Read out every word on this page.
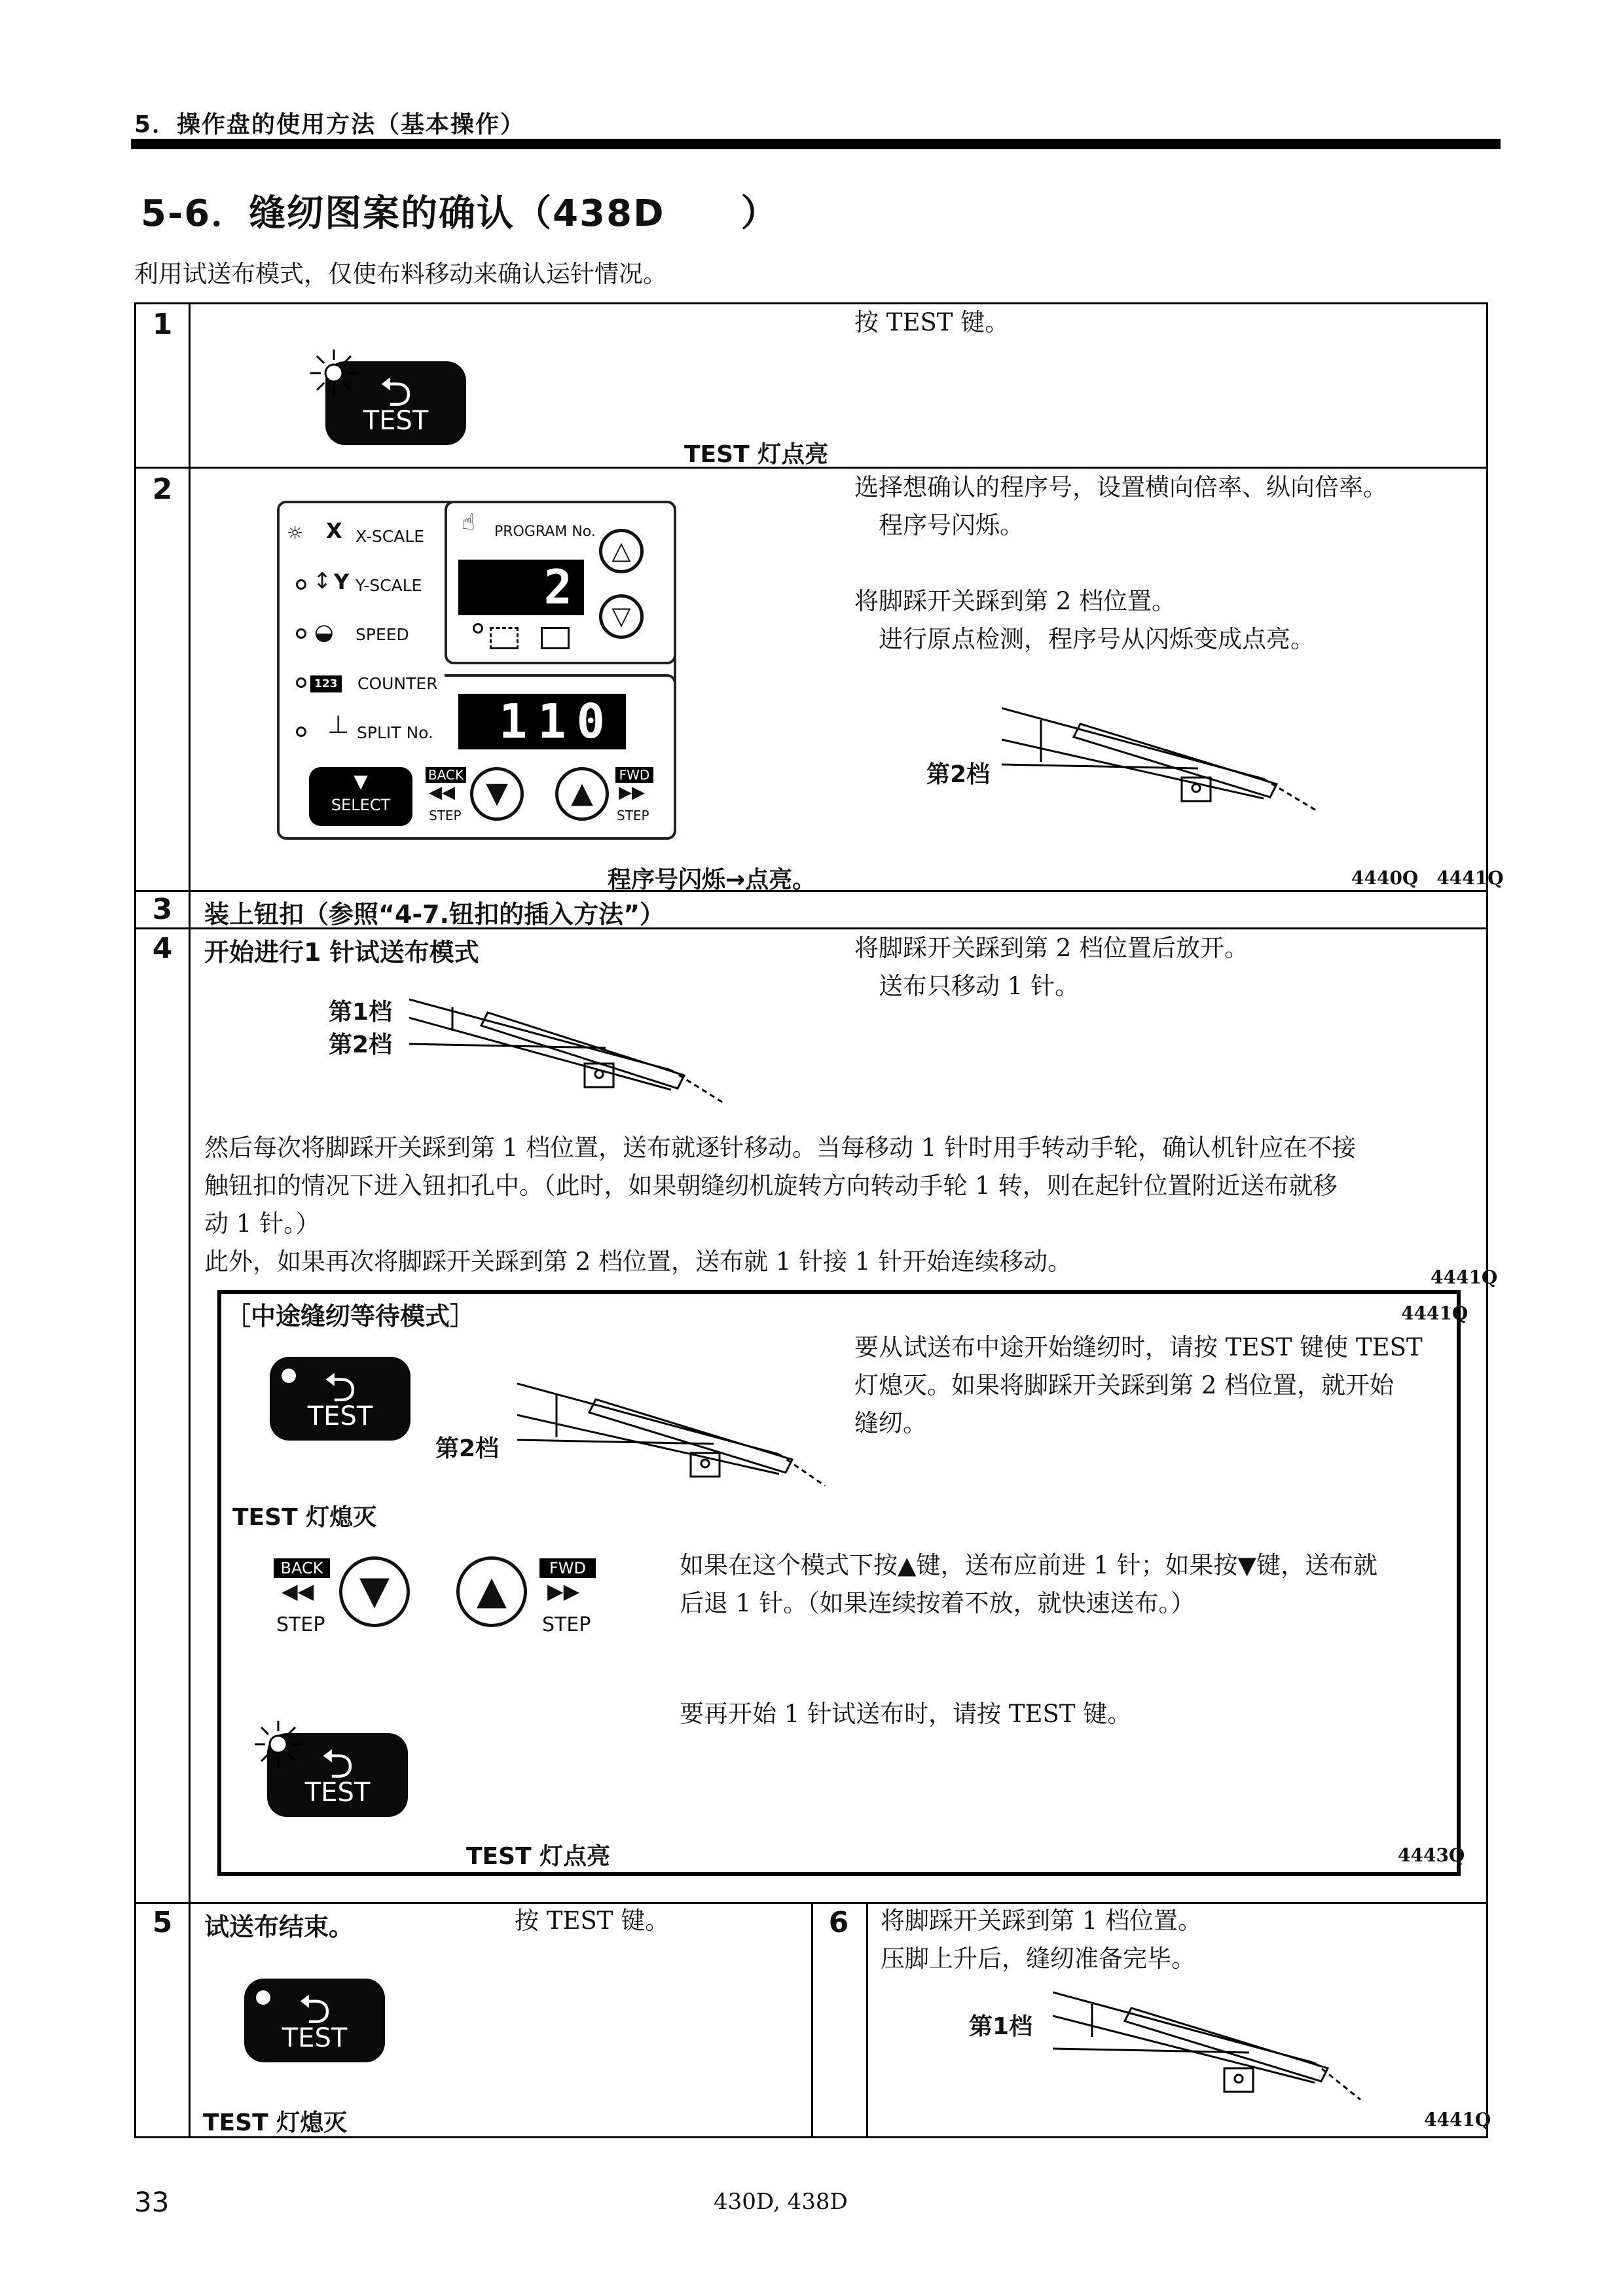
5．操作盘的使用方法（基本操作）
5-6．缝纫图案的确认（438D　　）
利用试送布模式，仅使布料移动来确认运针情况。
1
2
3
4
5	6
⮌
TEST
TEST 灯点亮
按 TEST 键。
☼ X X-SCALE
↕ Y Y-SCALE
◒ SPEED
123 COUNTER
⊥ SPLIT No.
☝ PROGRAM No.
2
△
▽
110
▼
SELECT
BACK
◀◀
STEP
▼	▲
FWD
▶▶
STEP
程序号闪烁→点亮。	4440Q　4441Q
选择想确认的程序号，设置横向倍率、纵向倍率。
　程序号闪烁。
将脚踩开关踩到第 2 档位置。
　进行原点检测，程序号从闪烁变成点亮。
第2档
装上钮扣（参照“4-7.钮扣的插入方法”）
开始进行1 针试送布模式	将脚踩开关踩到第 2 档位置后放开。
　送布只移动 1 针。
第1档
第2档
然后每次将脚踩开关踩到第 1 档位置，送布就逐针移动。当每移动 1 针时用手转动手轮，确认机针应在不接
触钮扣的情况下进入钮扣孔中。（此时，如果朝缝纫机旋转方向转动手轮 1 转，则在起针位置附近送布就移
动 1 针。）
此外，如果再次将脚踩开关踩到第 2 档位置，送布就 1 针接 1 针开始连续移动。
4441Q
［中途缝纫等待模式］	4441Q
要从试送布中途开始缝纫时，请按 TEST 键使 TEST
灯熄灭。如果将脚踩开关踩到第 2 档位置，就开始
缝纫。
⮌
TEST
第2档
TEST 灯熄灭
BACK
◀◀
STEP
▼	▲	FWD
▶▶
STEP
如果在这个模式下按▲键，送布应前进 1 针；如果按▼键，送布就
后退 1 针。（如果连续按着不放，就快速送布。）
要再开始 1 针试送布时，请按 TEST 键。
⮌
TEST
TEST 灯点亮	4443Q
试送布结束。	按 TEST 键。
⮌
TEST
TEST 灯熄灭
将脚踩开关踩到第 1 档位置。
压脚上升后，缝纫准备完毕。
第1档
4441Q
33	430D, 438D
